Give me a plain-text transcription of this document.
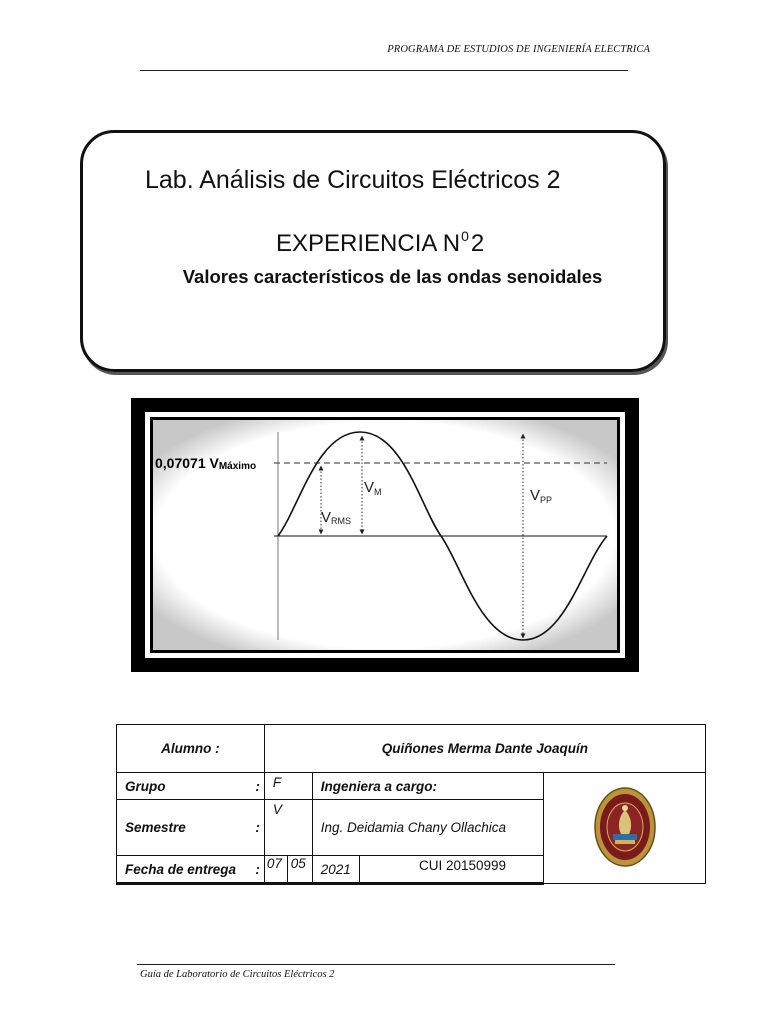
PROGRAMA DE ESTUDIOS DE INGENIERÍA ELECTRICA
Lab. Análisis de Circuitos Eléctricos 2
EXPERIENCIA $N^02$
Valores característicos de las ondas senoidales
0,07071 VMáximo
$V_M$
VRMS
$V_{PP}$
Alumno :	Quiñones Merma Dante Joaquín				
Grupo :	F		Ingeniera a cargo:	
Semestre :	V		Ing. Deidamia Chany Ollachica		
Fecha de entrega :	07	05	2021	CUI 20150999	
Guía de Laboratorio de Circuitos Eléctricos 2
